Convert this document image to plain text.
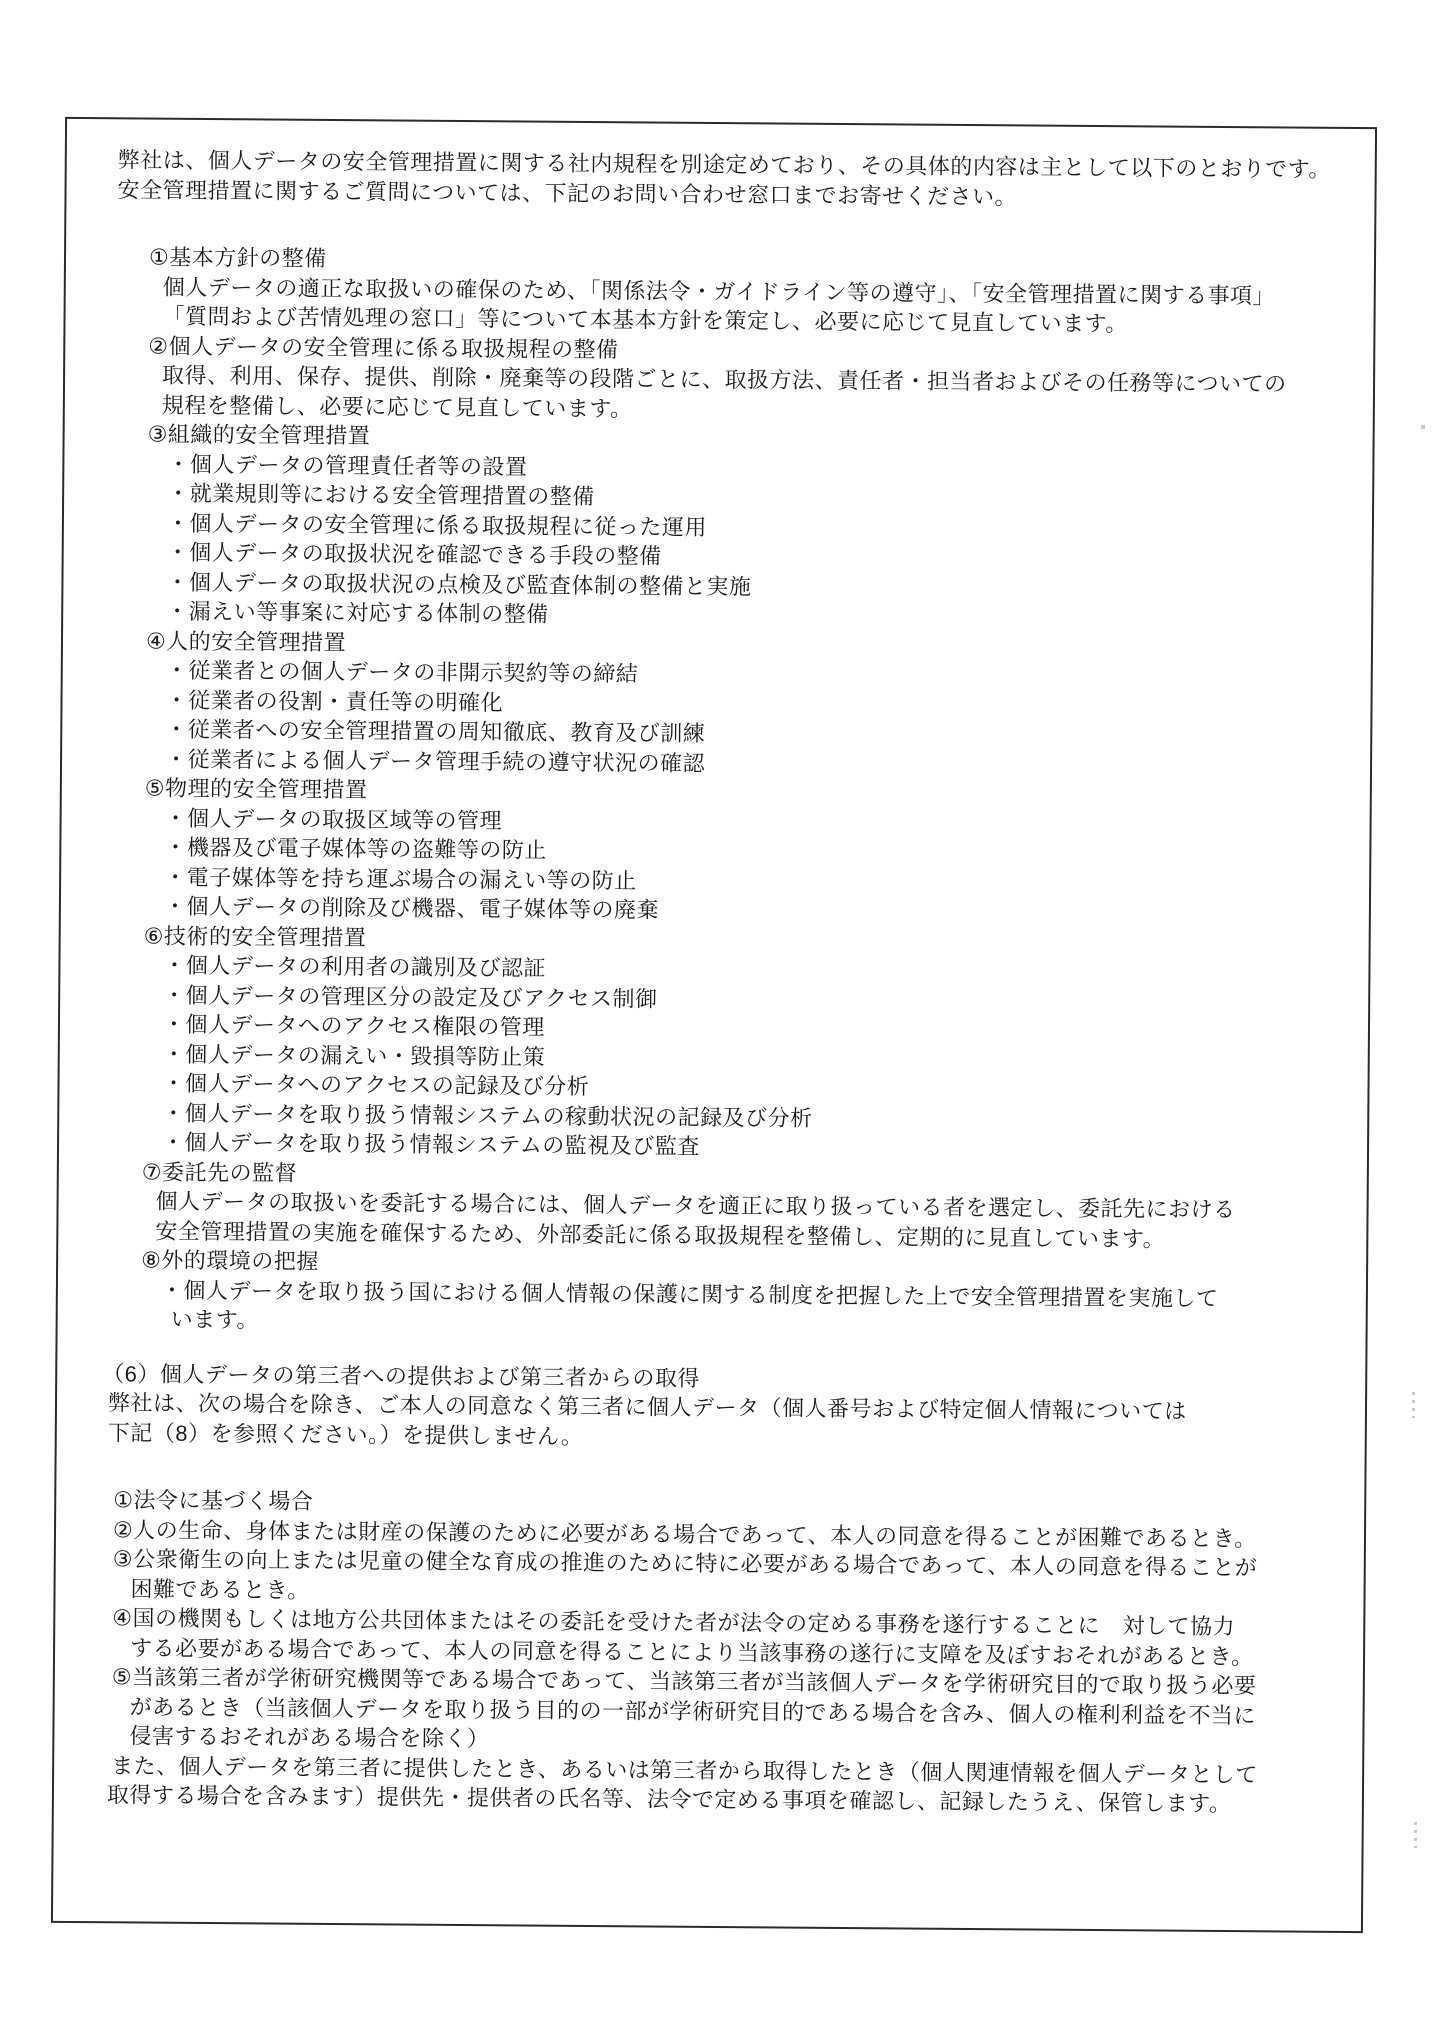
弊社は、個人データの安全管理措置に関する社内規程を別途定めており、その具体的内容は主として以下のとおりです。
安全管理措置に関するご質問については、下記のお問い合わせ窓口までお寄せください。
①基本方針の整備
個人データの適正な取扱いの確保のため、「関係法令・ガイドライン等の遵守」、「安全管理措置に関する事項」
「質問および苦情処理の窓口」等について本基本方針を策定し、必要に応じて見直しています。
②個人データの安全管理に係る取扱規程の整備
取得、利用、保存、提供、削除・廃棄等の段階ごとに、取扱方法、責任者・担当者およびその任務等についての
規程を整備し、必要に応じて見直しています。
③組織的安全管理措置
・個人データの管理責任者等の設置
・就業規則等における安全管理措置の整備
・個人データの安全管理に係る取扱規程に従った運用
・個人データの取扱状況を確認できる手段の整備
・個人データの取扱状況の点検及び監査体制の整備と実施
・漏えい等事案に対応する体制の整備
④人的安全管理措置
・従業者との個人データの非開示契約等の締結
・従業者の役割・責任等の明確化
・従業者への安全管理措置の周知徹底、教育及び訓練
・従業者による個人データ管理手続の遵守状況の確認
⑤物理的安全管理措置
・個人データの取扱区域等の管理
・機器及び電子媒体等の盗難等の防止
・電子媒体等を持ち運ぶ場合の漏えい等の防止
・個人データの削除及び機器、電子媒体等の廃棄
⑥技術的安全管理措置
・個人データの利用者の識別及び認証
・個人データの管理区分の設定及びアクセス制御
・個人データへのアクセス権限の管理
・個人データの漏えい・毀損等防止策
・個人データへのアクセスの記録及び分析
・個人データを取り扱う情報システムの稼動状況の記録及び分析
・個人データを取り扱う情報システムの監視及び監査
⑦委託先の監督
個人データの取扱いを委託する場合には、個人データを適正に取り扱っている者を選定し、委託先における
安全管理措置の実施を確保するため、外部委託に係る取扱規程を整備し、定期的に見直しています。
⑧外的環境の把握
・個人データを取り扱う国における個人情報の保護に関する制度を把握した上で安全管理措置を実施して
います。
（6）個人データの第三者への提供および第三者からの取得
弊社は、次の場合を除き、ご本人の同意なく第三者に個人データ（個人番号および特定個人情報については
下記（8）を参照ください。）を提供しません。
①法令に基づく場合
②人の生命、身体または財産の保護のために必要がある場合であって、本人の同意を得ることが困難であるとき。
③公衆衛生の向上または児童の健全な育成の推進のために特に必要がある場合であって、本人の同意を得ることが
困難であるとき。
④国の機関もしくは地方公共団体またはその委託を受けた者が法令の定める事務を遂行することに　対して協力
する必要がある場合であって、本人の同意を得ることにより当該事務の遂行に支障を及ぼすおそれがあるとき。
⑤当該第三者が学術研究機関等である場合であって、当該第三者が当該個人データを学術研究目的で取り扱う必要
があるとき（当該個人データを取り扱う目的の一部が学術研究目的である場合を含み、個人の権利利益を不当に
侵害するおそれがある場合を除く）
また、個人データを第三者に提供したとき、あるいは第三者から取得したとき（個人関連情報を個人データとして
取得する場合を含みます）提供先・提供者の氏名等、法令で定める事項を確認し、記録したうえ、保管します。
